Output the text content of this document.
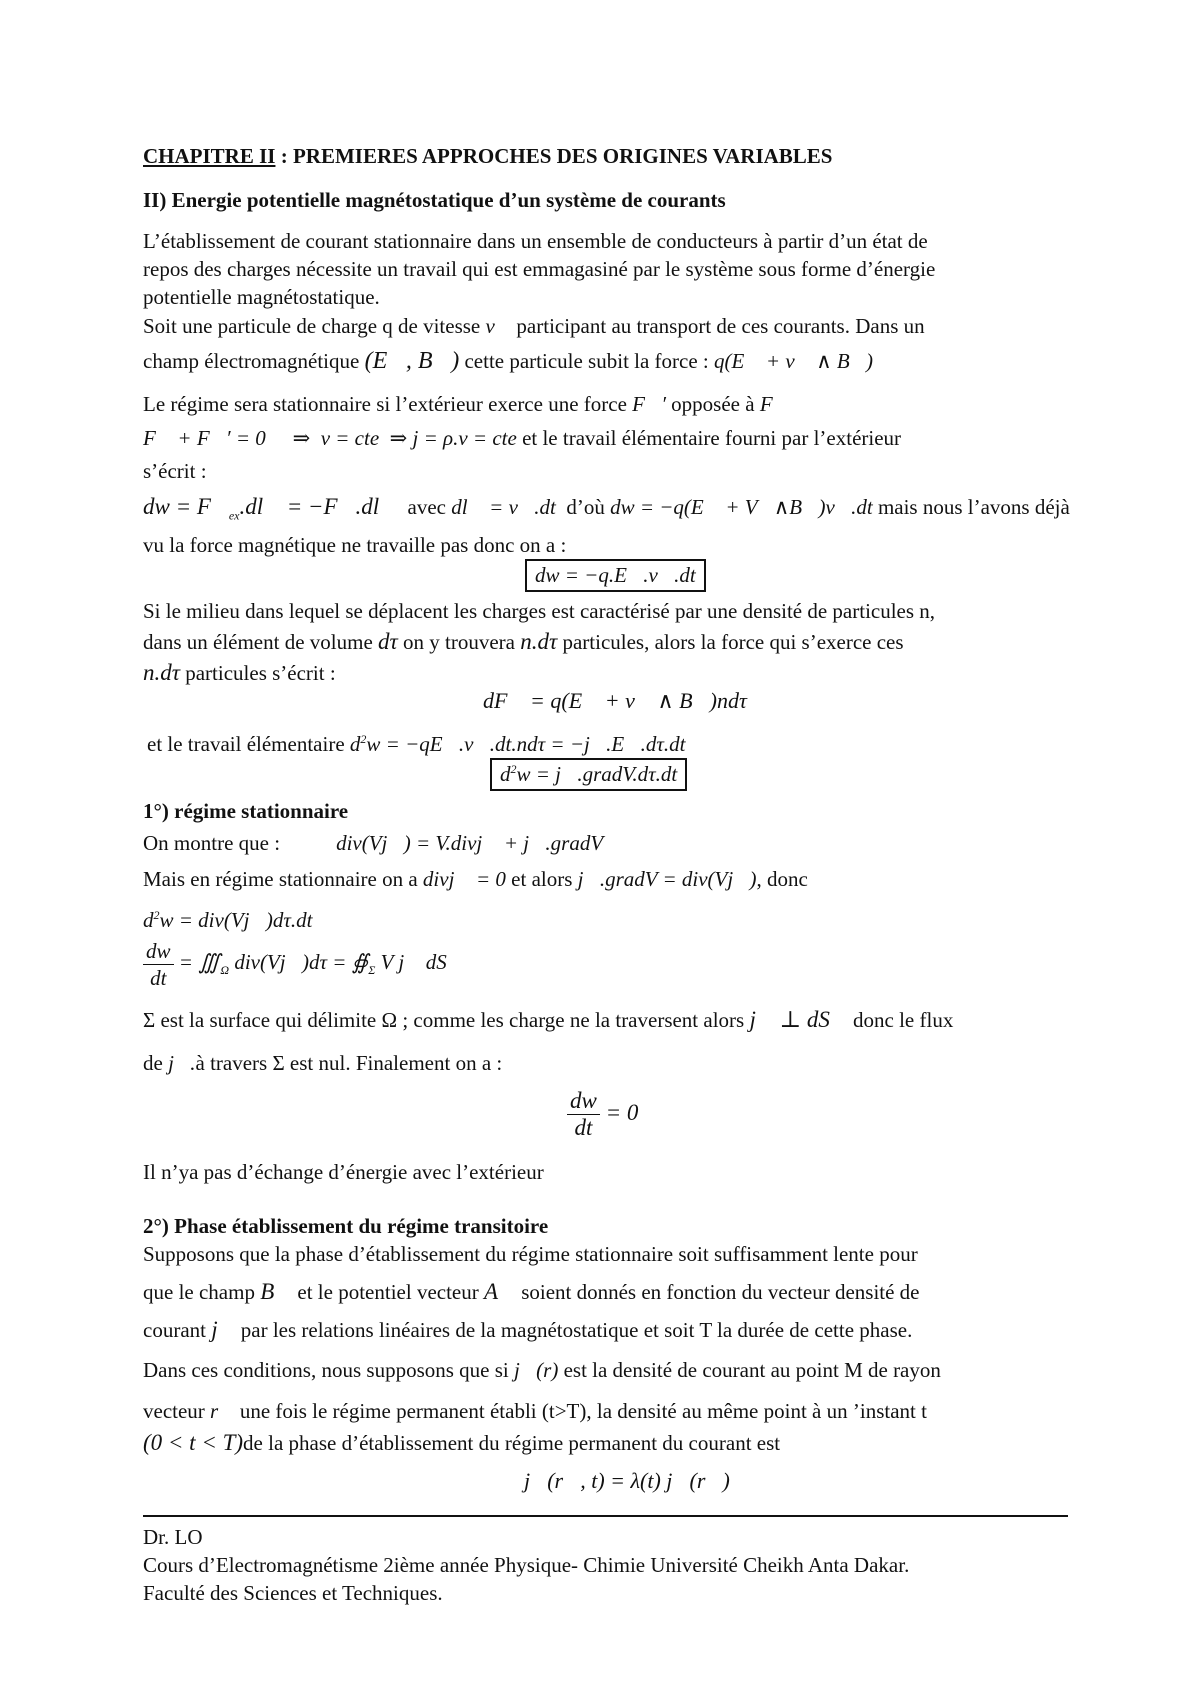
CHAPITRE II : PREMIERES APPROCHES DES ORIGINES VARIABLES
II) Energie potentielle magnétostatique d’un système de courants
L’établissement de courant stationnaire dans un ensemble de conducteurs à partir d’un état de
repos des charges nécessite un travail qui est emmagasiné par le système sous forme d’énergie
potentielle magnétostatique.
Soit une particule de charge q de vitesse v⃗ participant au transport de ces courants. Dans un
champ électromagnétique (E⃗, B⃗) cette particule subit la force : q(E⃗ + v⃗ ∧ B⃗)
Le régime sera stationnaire si l’extérieur exerce une force F⃗′ opposée à F⃗
F⃗ + F⃗′ = 0⃗  ⇒  v = cte  ⇒ j = ρ.v = cte et le travail élémentaire fourni par l’extérieur
s’écrit :
dw = $F⃗_{ex}.dl⃗$ = −F⃗.dl⃗ avec dl⃗ = v⃗.dt d’où dw = −q(E⃗ + V⃗∧B⃗)v⃗.dt mais nous l’avons déjà
vu la force magnétique ne travaille pas donc on a :
dw = −q.E⃗.v⃗.dt
Si le milieu dans lequel se déplacent les charges est caractérisé par une densité de particules n,
dans un élément de volume dτ on y trouvera n.dτ particules, alors la force qui s’exerce ces
n.dτ particules s’écrit :
dF⃗ = q(E⃗ + v⃗ ∧ B⃗)ndτ
et le travail élémentaire $d^2w$ = −qE⃗.v⃗.dt.ndτ = −j⃗.E⃗.dτ.dt
$d^2w$ = j⃗.gradV.dτ.dt
1°) régime stationnaire
On montre que :	div(Vj⃗) = V.divj⃗ + j⃗.gradV
Mais en régime stationnaire on a divj⃗ = 0 et alors j⃗.gradV = div(Vj⃗), donc
$d^2w$ = div(Vj⃗)dτ.dt
$\frac{dw}{dt}$ = $∭_\Omega$ div(Vj⃗)dτ = $∯_\Sigma$ V j⃗ dS⃗
Σ est la surface qui délimite Ω ; comme les charge ne la traversent alors j⃗ ⊥ dS⃗ donc le flux
de j⃗.à travers Σ est nul. Finalement on a :
$\frac{dw}{dt} = 0$
Il n’ya pas d’échange d’énergie avec l’extérieur
2°) Phase établissement du régime transitoire
Supposons que la phase d’établissement du régime stationnaire soit suffisamment lente pour
que le champ B⃗ et le potentiel vecteur A⃗ soient donnés en fonction du vecteur densité de
courant j⃗ par les relations linéaires de la magnétostatique et soit T la durée de cette phase.
Dans ces conditions, nous supposons que si j⃗(r) est la densité de courant au point M de rayon
vecteur r⃗ une fois le régime permanent établi (t>T), la densité au même point à un ’instant t
(0 < t < T)de la phase d’établissement du régime permanent du courant est
j⃗(r⃗, t) = λ(t) j⃗(r⃗)
Dr. LO
Cours d’Electromagnétisme 2ième année Physique- Chimie Université Cheikh Anta Dakar.
Faculté des Sciences et Techniques.
